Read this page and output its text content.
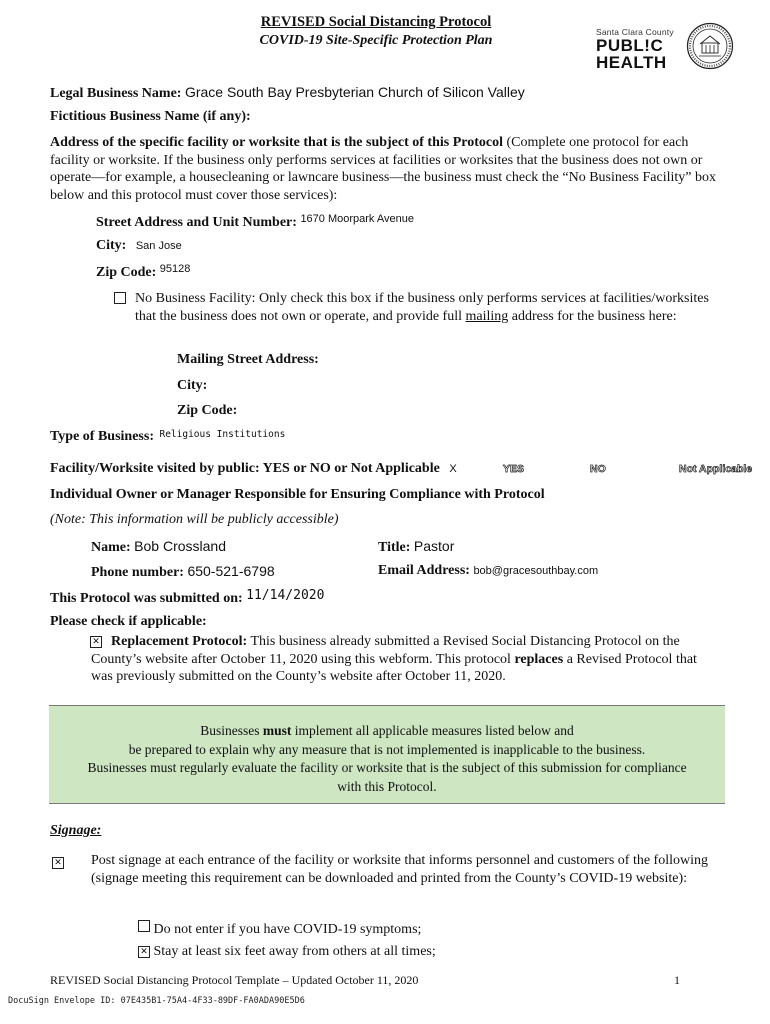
REVISED Social Distancing Protocol
COVID-19 Site-Specific Protection Plan
Santa Clara County
PUBL!C
HEALTH
Legal Business Name: Grace South Bay Presbyterian Church of Silicon Valley
Fictitious Business Name (if any):
Address of the specific facility or worksite that is the subject of this Protocol (Complete one protocol for each facility or worksite. If the business only performs services at facilities or worksites that the business does not own or operate—for example, a housecleaning or lawncare business—the business must check the “No Business Facility” box below and this protocol must cover those services):
Street Address and Unit Number: $^{1670 Moorpark Avenue}$
City: San Jose
Zip Code: $^{95128}$
No Business Facility: Only check this box if the business only performs services at facilities/worksites that the business does not own or operate, and provide full mailing address for the business here:
Mailing Street Address:
City:
Zip Code:
Type of Business: $^{Religious Institutions}$
Facility/Worksite visited by public: YES or NO or Not Applicable X	YES	NO	Not Applicable
Individual Owner or Manager Responsible for Ensuring Compliance with Protocol
(Note: This information will be publicly accessible)
Name: Bob Crossland	Title: Pastor
Phone number: 650-521-6798	Email Address: bob@gracesouthbay.com
This Protocol was submitted on: 11/14/2020
Please check if applicable:
✕ Replacement Protocol: This business already submitted a Revised Social Distancing Protocol on the County’s website after October 11, 2020 using this webform. This protocol replaces a Revised Protocol that was previously submitted on the County’s website after October 11, 2020.
Businesses must implement all applicable measures listed below and
be prepared to explain why any measure that is not implemented is inapplicable to the business.
Businesses must regularly evaluate the facility or worksite that is the subject of this submission for compliance
with this Protocol.
Signage:
✕ Post signage at each entrance of the facility or worksite that informs personnel and customers of the following (signage meeting this requirement can be downloaded and printed from the County’s COVID-19 website):
Do not enter if you have COVID-19 symptoms;
✕ Stay at least six feet away from others at all times;
REVISED Social Distancing Protocol Template – Updated October 11, 2020	1
DocuSign Envelope ID: 07E435B1-75A4-4F33-89DF-FA0ADA90E5D6
